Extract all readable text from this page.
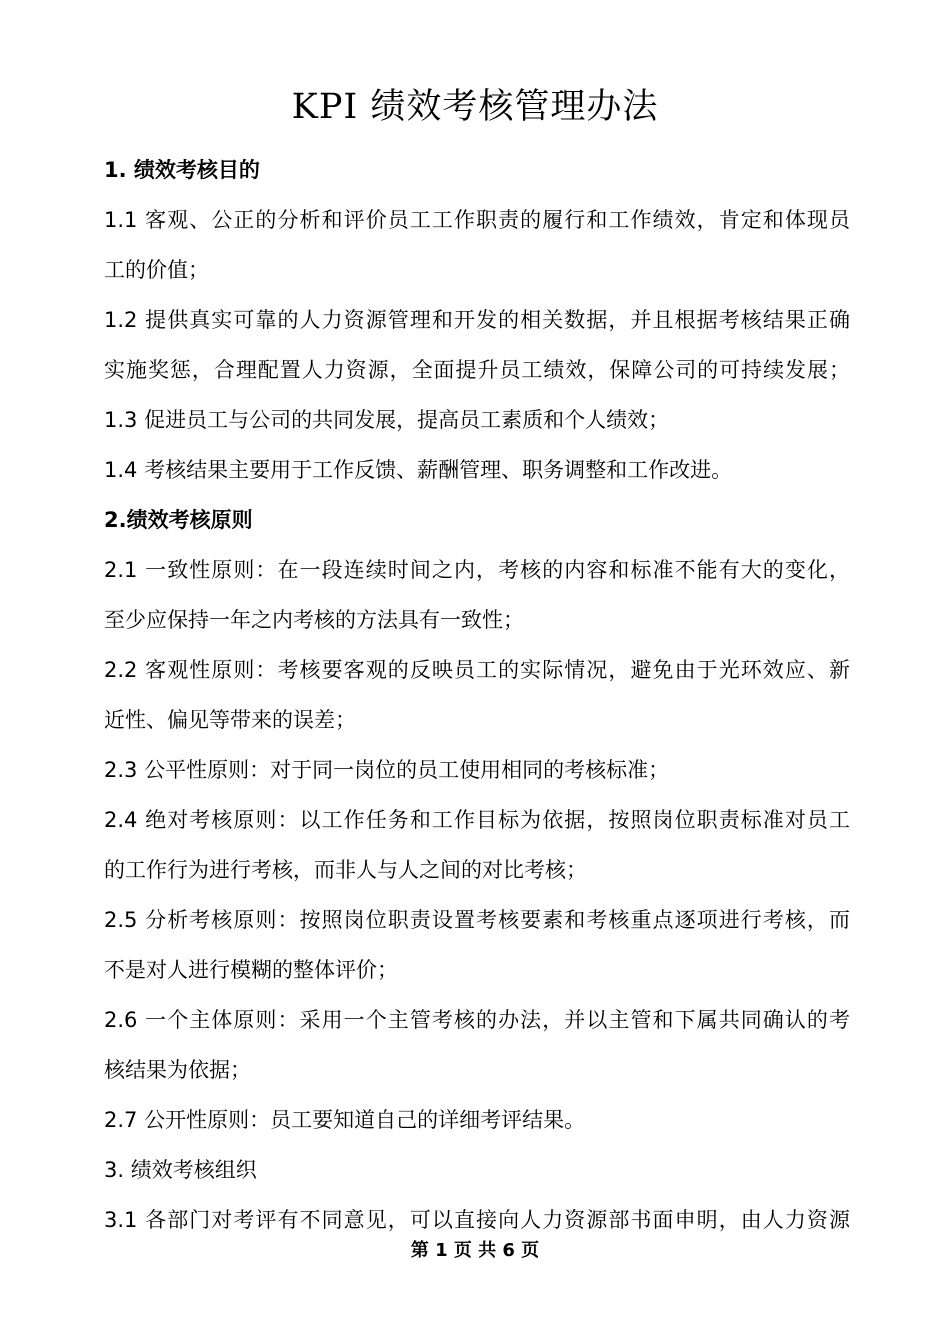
KPI 绩效考核管理办法
1. 绩效考核目的
1.1 客观、公正的分析和评价员工工作职责的履行和工作绩效，肯定和体现员
工的价值；
1.2 提供真实可靠的人力资源管理和开发的相关数据，并且根据考核结果正确
实施奖惩，合理配置人力资源，全面提升员工绩效，保障公司的可持续发展；
1.3 促进员工与公司的共同发展，提高员工素质和个人绩效；
1.4 考核结果主要用于工作反馈、薪酬管理、职务调整和工作改进。
2.绩效考核原则
2.1 一致性原则：在一段连续时间之内，考核的内容和标准不能有大的变化，
至少应保持一年之内考核的方法具有一致性；
2.2 客观性原则：考核要客观的反映员工的实际情况，避免由于光环效应、新
近性、偏见等带来的误差；
2.3 公平性原则：对于同一岗位的员工使用相同的考核标准；
2.4 绝对考核原则：以工作任务和工作目标为依据，按照岗位职责标准对员工
的工作行为进行考核，而非人与人之间的对比考核；
2.5 分析考核原则：按照岗位职责设置考核要素和考核重点逐项进行考核，而
不是对人进行模糊的整体评价；
2.6 一个主体原则：采用一个主管考核的办法，并以主管和下属共同确认的考
核结果为依据；
2.7 公开性原则：员工要知道自己的详细考评结果。
3. 绩效考核组织
3.1 各部门对考评有不同意见，可以直接向人力资源部书面申明，由人力资源
第 1 页 共 6 页
